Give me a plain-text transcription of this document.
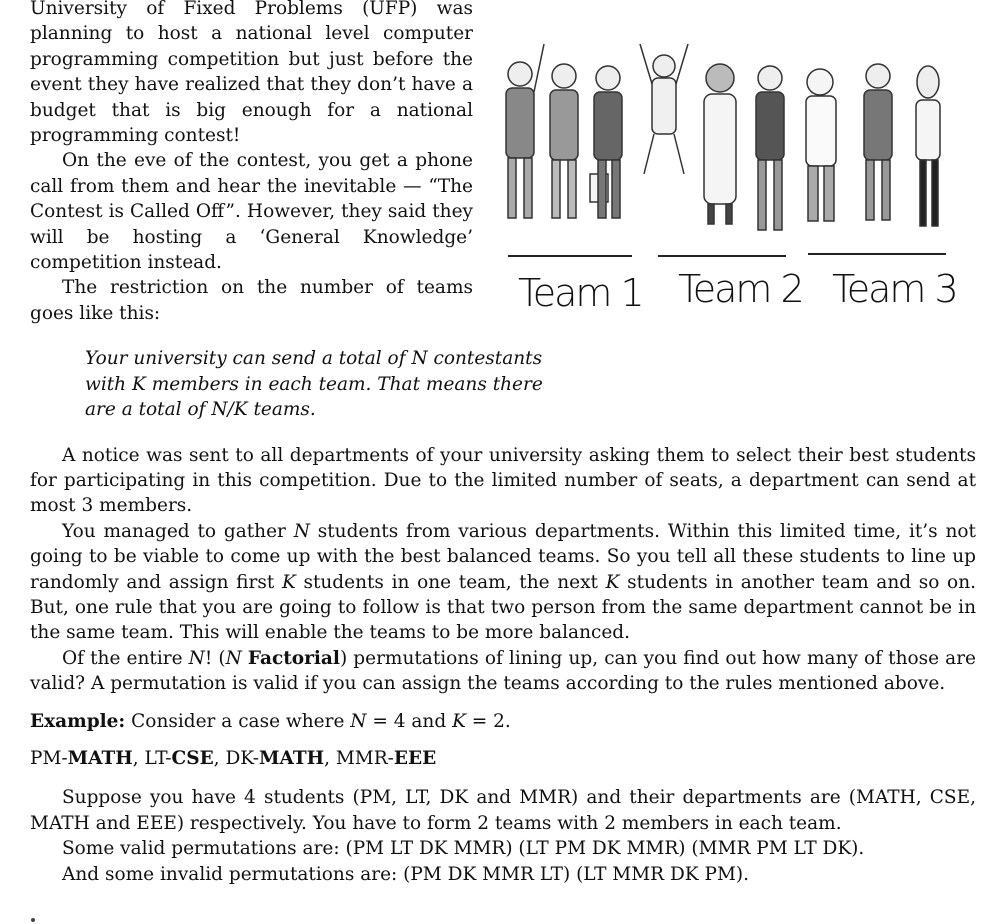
Team 1 Team 2 Team 3

University of Fixed Problems (UFP) was planning to host a national level computer programming competition but just before the event they have realized that they don’t have a budget that is big enough for a national programming contest!

On the eve of the contest, you get a phone call from them and hear the inevitable — “The Contest is Called Off”. However, they said they will be hosting a ‘General Knowledge’ competition instead.

The restriction on the number of teams goes like this:

Your university can send a total of N contestants with K members in each team. That means there are a total of N/K teams.

A notice was sent to all departments of your university asking them to select their best students for participating in this competition. Due to the limited number of seats, a department can send at most 3 members.

You managed to gather N students from various departments. Within this limited time, it’s not going to be viable to come up with the best balanced teams. So you tell all these students to line up randomly and assign first K students in one team, the next K students in another team and so on. But, one rule that you are going to follow is that two person from the same department cannot be in the same team. This will enable the teams to be more balanced.

Of the entire N! (N Factorial) permutations of lining up, can you find out how many of those are valid? A permutation is valid if you can assign the teams according to the rules mentioned above.

Example: Consider a case where N = 4 and K = 2.

PM-MATH, LT-CSE, DK-MATH, MMR-EEE

Suppose you have 4 students (PM, LT, DK and MMR) and their departments are (MATH, CSE, MATH and EEE) respectively. You have to form 2 teams with 2 members in each team.

Some valid permutations are: (PM LT DK MMR) (LT PM DK MMR) (MMR PM LT DK).

And some invalid permutations are: (PM DK MMR LT) (LT MMR DK PM).
